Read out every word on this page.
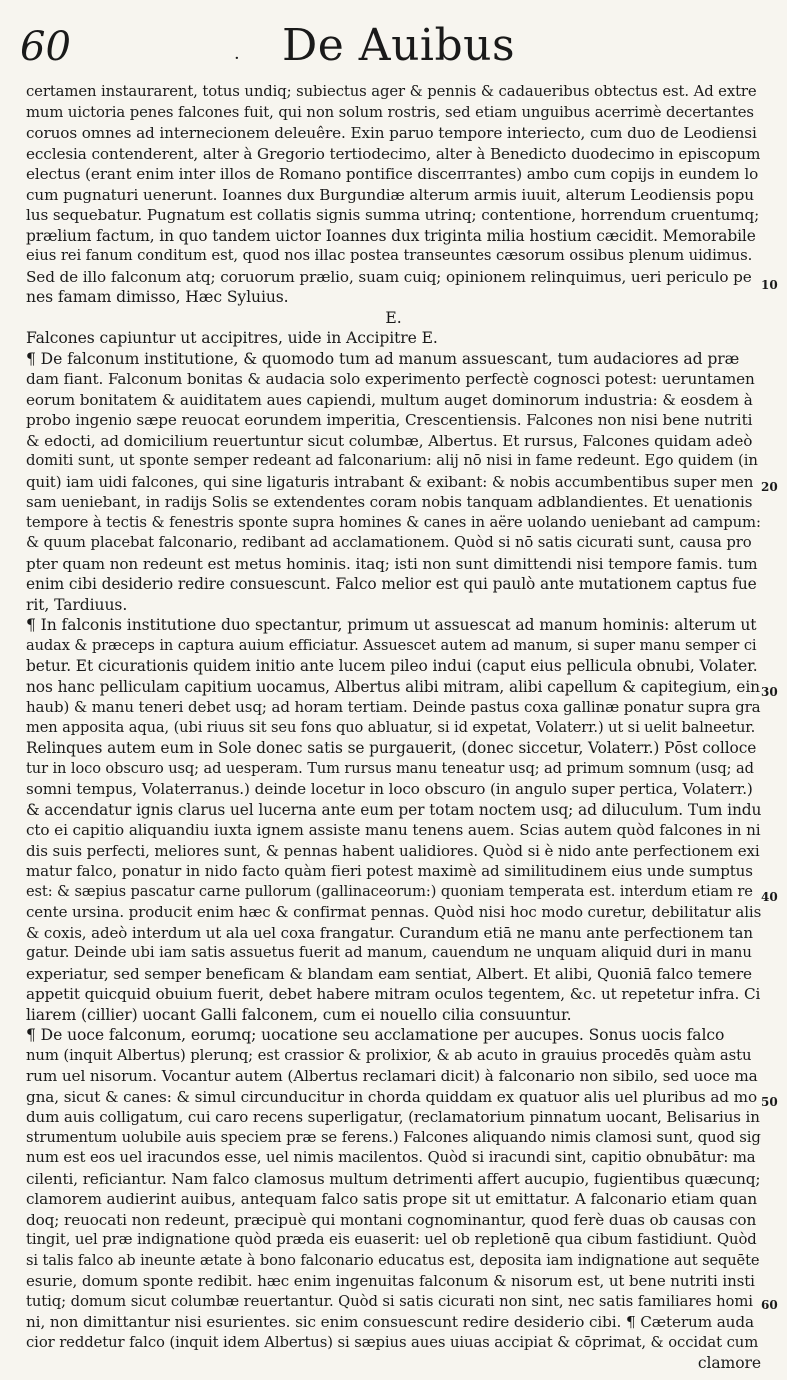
60	· De Auibus
certamen instaurarent, totus undiq; subiectus ager & pennis & cadaueribus obtectus est. Ad extre
mum uictoria penes falcones fuit, qui non solum rostris, sed etiam unguibus acerrimè decertantes
coruos omnes ad internecionem deleuêre. Exin paruo tempore interiecto, cum duo de Leodiensi
ecclesia contenderent, alter à Gregorio tertiodecimo, alter à Benedicto duodecimo in episcopum
electus (erant enim inter illos de Romano pontifice discептantes) ambo cum copijs in eundem lo
cum pugnaturi uenerunt. Ioannes dux Burgundiæ alterum armis iuuit, alterum Leodiensis popu
lus sequebatur. Pugnatum est collatis signis summa utrinq; contentione, horrendum cruentumq;
prælium factum, in quo tandem uictor Ioannes dux triginta milia hostium cæcidit. Memorabile
eius rei fanum conditum est, quod nos illac postea transeuntes cæsorum ossibus plenum uidimus.
Sed de illo falconum atq; coruorum prælio, suam cuiq; opinionem relinquimus, ueri periculo pe
nes famam dimisso, Hæc Syluius.
E.
Falcones capiuntur ut accipitres, uide in Accipitre E.
¶ De falconum institutione, & quomodo tum ad manum assuescant, tum audaciores ad præ
dam fiant. Falconum bonitas & audacia solo experimento perfectè cognosci potest: ueruntamen
eorum bonitatem & auiditatem aues capiendi, multum auget dominorum industria: & eosdem à
probo ingenio sæpe reuocat eorundem imperitia, Crescentiensis. Falcones non nisi bene nutriti
& edocti, ad domicilium reuertuntur sicut columbæ, Albertus. Et rursus, Falcones quidam adeò
domiti sunt, ut sponte semper redeant ad falconarium: alij nō nisi in fame redeunt. Ego quidem (in
quit) iam uidi falcones, qui sine ligaturis intrabant & exibant: & nobis accumbentibus super men
sam ueniebant, in radijs Solis se extendentes coram nobis tanquam adblandientes. Et uenationis
tempore à tectis & fenestris sponte supra homines & canes in aëre uolando ueniebant ad campum:
& quum placebat falconario, redibant ad acclamationem. Quòd si nō satis cicurati sunt, causa pro
pter quam non redeunt est metus hominis. itaq; isti non sunt dimittendi nisi tempore famis. tum
enim cibi desiderio redire consuescunt. Falco melior est qui paulò ante mutationem captus fue
rit, Tardiuus.
¶ In falconis institutione duo spectantur, primum ut assuescat ad manum hominis: alterum ut
audax & præceps in captura auium efficiatur. Assuescet autem ad manum, si super manu semper ci
betur. Et cicurationis quidem initio ante lucem pileo indui (caput eius pellicula obnubi, Volater.
nos hanc pelliculam capitium uocamus, Albertus alibi mitram, alibi capellum & capitegium, ein
haub) & manu teneri debet usq; ad horam tertiam. Deinde pastus coxa gallinæ ponatur supra gra
men apposita aqua, (ubi riuus sit seu fons quo abluatur, si id expetat, Volaterr.) ut si uelit balneetur.
Relinques autem eum in Sole donec satis se purgauerit, (donec siccetur, Volaterr.) Pōst collocе
tur in loco obscuro usq; ad uesperam. Tum rursus manu teneatur usq; ad primum somnum (usq; ad
somni tempus, Volaterranus.) deinde locetur in loco obscuro (in angulo super pertica, Volaterr.)
& accendatur ignis clarus uel lucerna ante eum per totam noctem usq; ad diluculum. Tum indu
cto ei capitio aliquandiu iuxta ignem assiste manu tenens auem. Scias autem quòd falcones in ni
dis suis perfecti, meliores sunt, & pennas habent ualidiores. Quòd si è nido ante perfectionem exi
matur falco, ponatur in nido facto quàm fieri potest maximè ad similitudinem eius unde sumptus
est: & sæpius pascatur carne pullorum (gallinaceorum:) quoniam temperata est. interdum etiam re
cente ursina. producit enim hæc & confirmat pennas. Quòd nisi hoc modo curetur, debilitatur alis
& coxis, adeò interdum ut ala uel coxa frangatur. Curandum etiā ne manu ante perfectionem tan
gatur. Deinde ubi iam satis assuetus fuerit ad manum, cauendum ne unquam aliquid duri in manu
experiatur, sed semper beneficam & blandam eam sentiat, Albert. Et alibi, Quoniā falco temere
appetit quicquid obuium fuerit, debet habere mitram oculos tegentem, &c. ut repetetur infra. Ci
liarem (cillier) uocant Galli falconem, cum ei nouello cilia consuuntur.
¶ De uoce falconum, eorumq; uocatione seu acclamatione per aucupes. Sonus uocis falco
num (inquit Albertus) plerunq; est crassior & prolixior, & ab acuto in grauius procedēs quàm astu
rum uel nisorum. Vocantur autem (Albertus reclamari dicit) à falconario non sibilo, sed uoce ma
gna, sicut & canes: & simul circunducitur in chorda quiddam ex quatuor alis uel pluribus ad mo
dum auis colligatum, cui caro recens superligatur, (reclamatorium pinnatum uocant, Belisarius in
strumentum uolubile auis speciem præ se ferens.) Falcones aliquando nimis clamosi sunt, quod sig
num est eos uel iracundos esse, uel nimis macilentos. Quòd si iracundi sint, capitio obnubātur: ma
cilenti, reficiantur. Nam falco clamosus multum detrimenti affert aucupio, fugientibus quæcunq;
clamorem audierint auibus, antequam falco satis prope sit ut emittatur. A falconario etiam quan
doq; reuocati non redeunt, præcipuè qui montani cognominantur, quod ferè duas ob causas con
tingit, uel præ indignatione quòd præda eis euaserit: uel ob repletionē qua cibum fastidiunt. Quòd
si talis falco ab ineunte ætate à bono falconario educatus est, deposita iam indignatione aut sequēte
esurie, domum sponte redibit. hæc enim ingenuitas falconum & nisorum est, ut bene nutriti insti
tutiq; domum sicut columbæ reuertantur. Quòd si satis cicurati non sint, nec satis familiares homi
ni, non dimittantur nisi esurientes. sic enim consuescunt redire desiderio cibi. ¶ Cæterum auda
cior reddetur falco (inquit idem Albertus) si sæpius aues uiuas accipiat & cōprimat, & occidat cum
clamore
10
20
30
40
50
60
